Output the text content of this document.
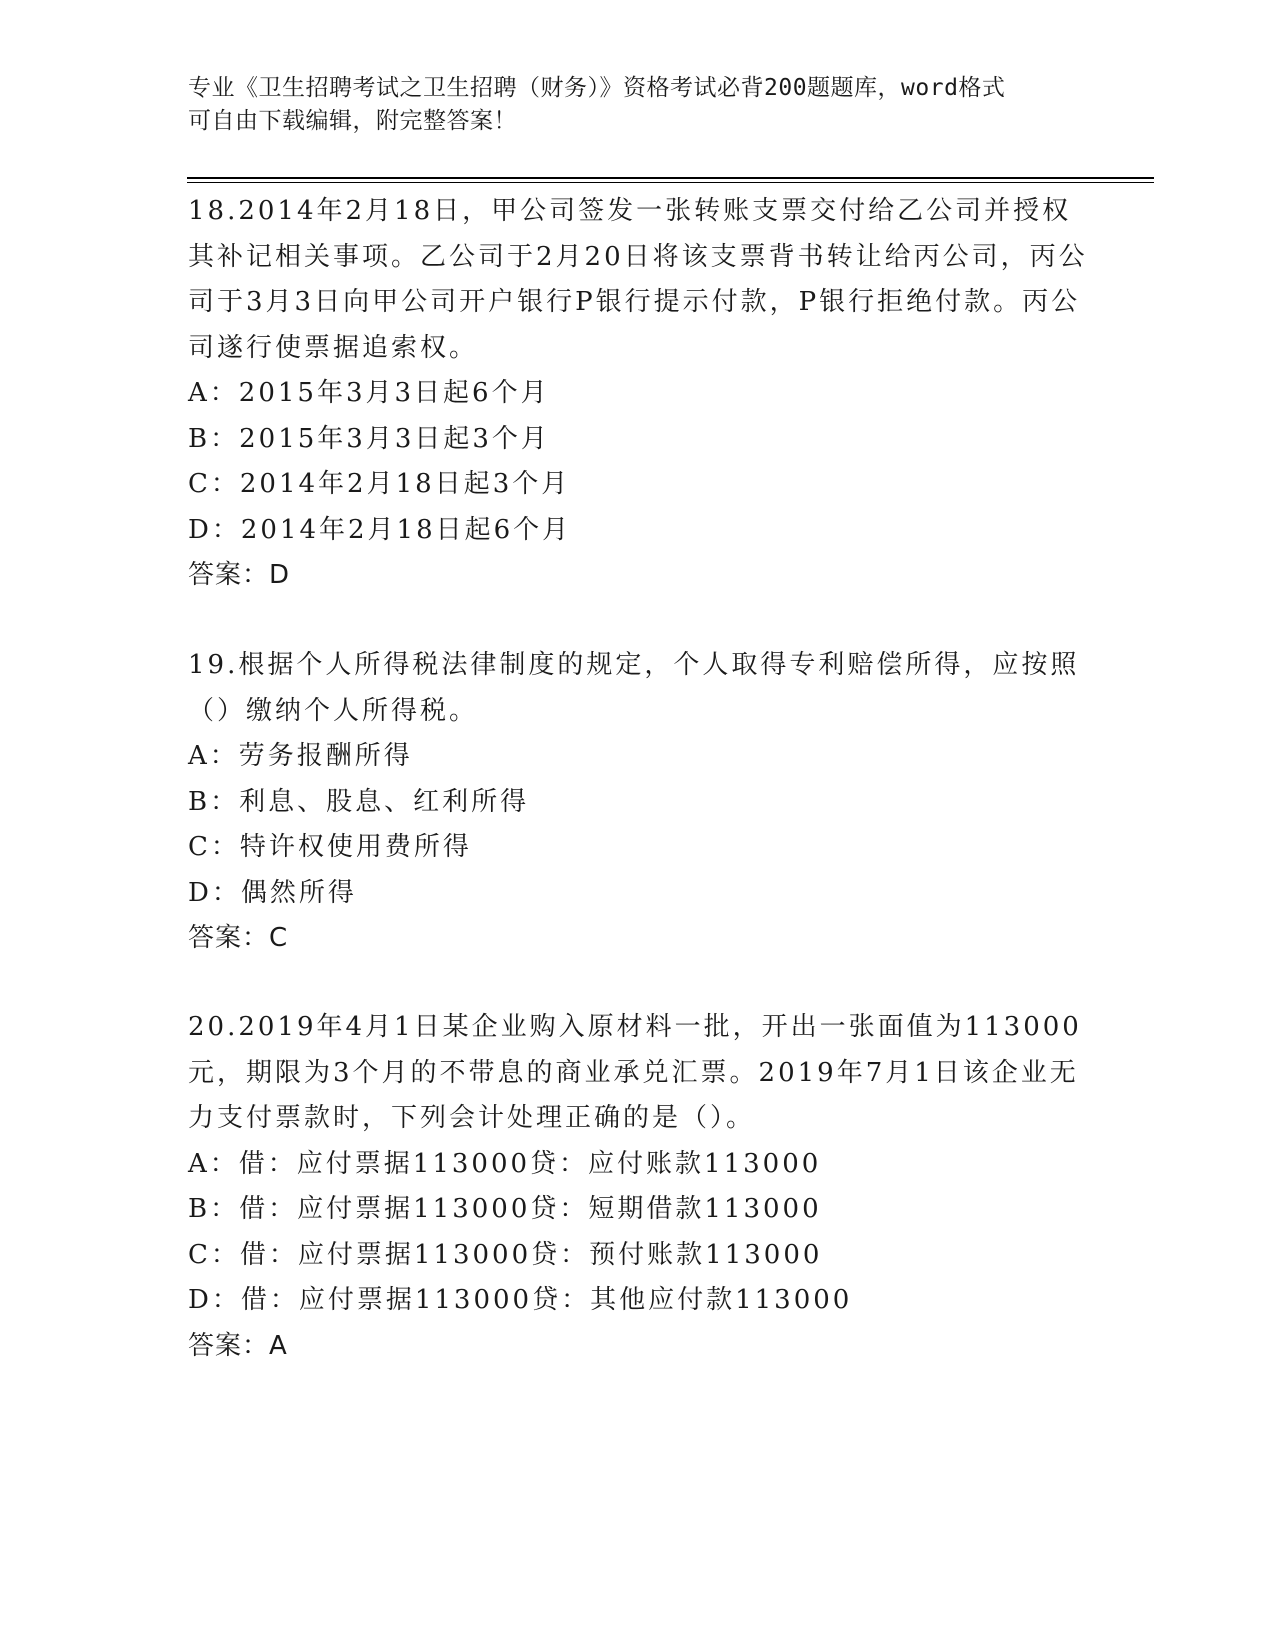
专业《卫生招聘考试之卫生招聘（财务）》资格考试必背200题题库，word格式
可自由下载编辑，附完整答案！

18.2014年2月18日，甲公司签发一张转账支票交付给乙公司并授权其补记相关事项。乙公司于2月20日将该支票背书转让给丙公司，丙公司于3月3日向甲公司开户银行P银行提示付款，P银行拒绝付款。丙公司遂行使票据追索权。

A：2015年3月3日起6个月

B：2015年3月3日起3个月

C：2014年2月18日起3个月

D：2014年2月18日起6个月

答案：D

19.根据个人所得税法律制度的规定，个人取得专利赔偿所得，应按照（）缴纳个人所得税。

A：劳务报酬所得

B：利息、股息、红利所得

C：特许权使用费所得

D：偶然所得

答案：C

20.2019年4月1日某企业购入原材料一批，开出一张面值为113000元，期限为3个月的不带息的商业承兑汇票。2019年7月1日该企业无力支付票款时，下列会计处理正确的是（）。

A：借：应付票据113000贷：应付账款113000

B：借：应付票据113000贷：短期借款113000

C：借：应付票据113000贷：预付账款113000

D：借：应付票据113000贷：其他应付款113000

答案：A
